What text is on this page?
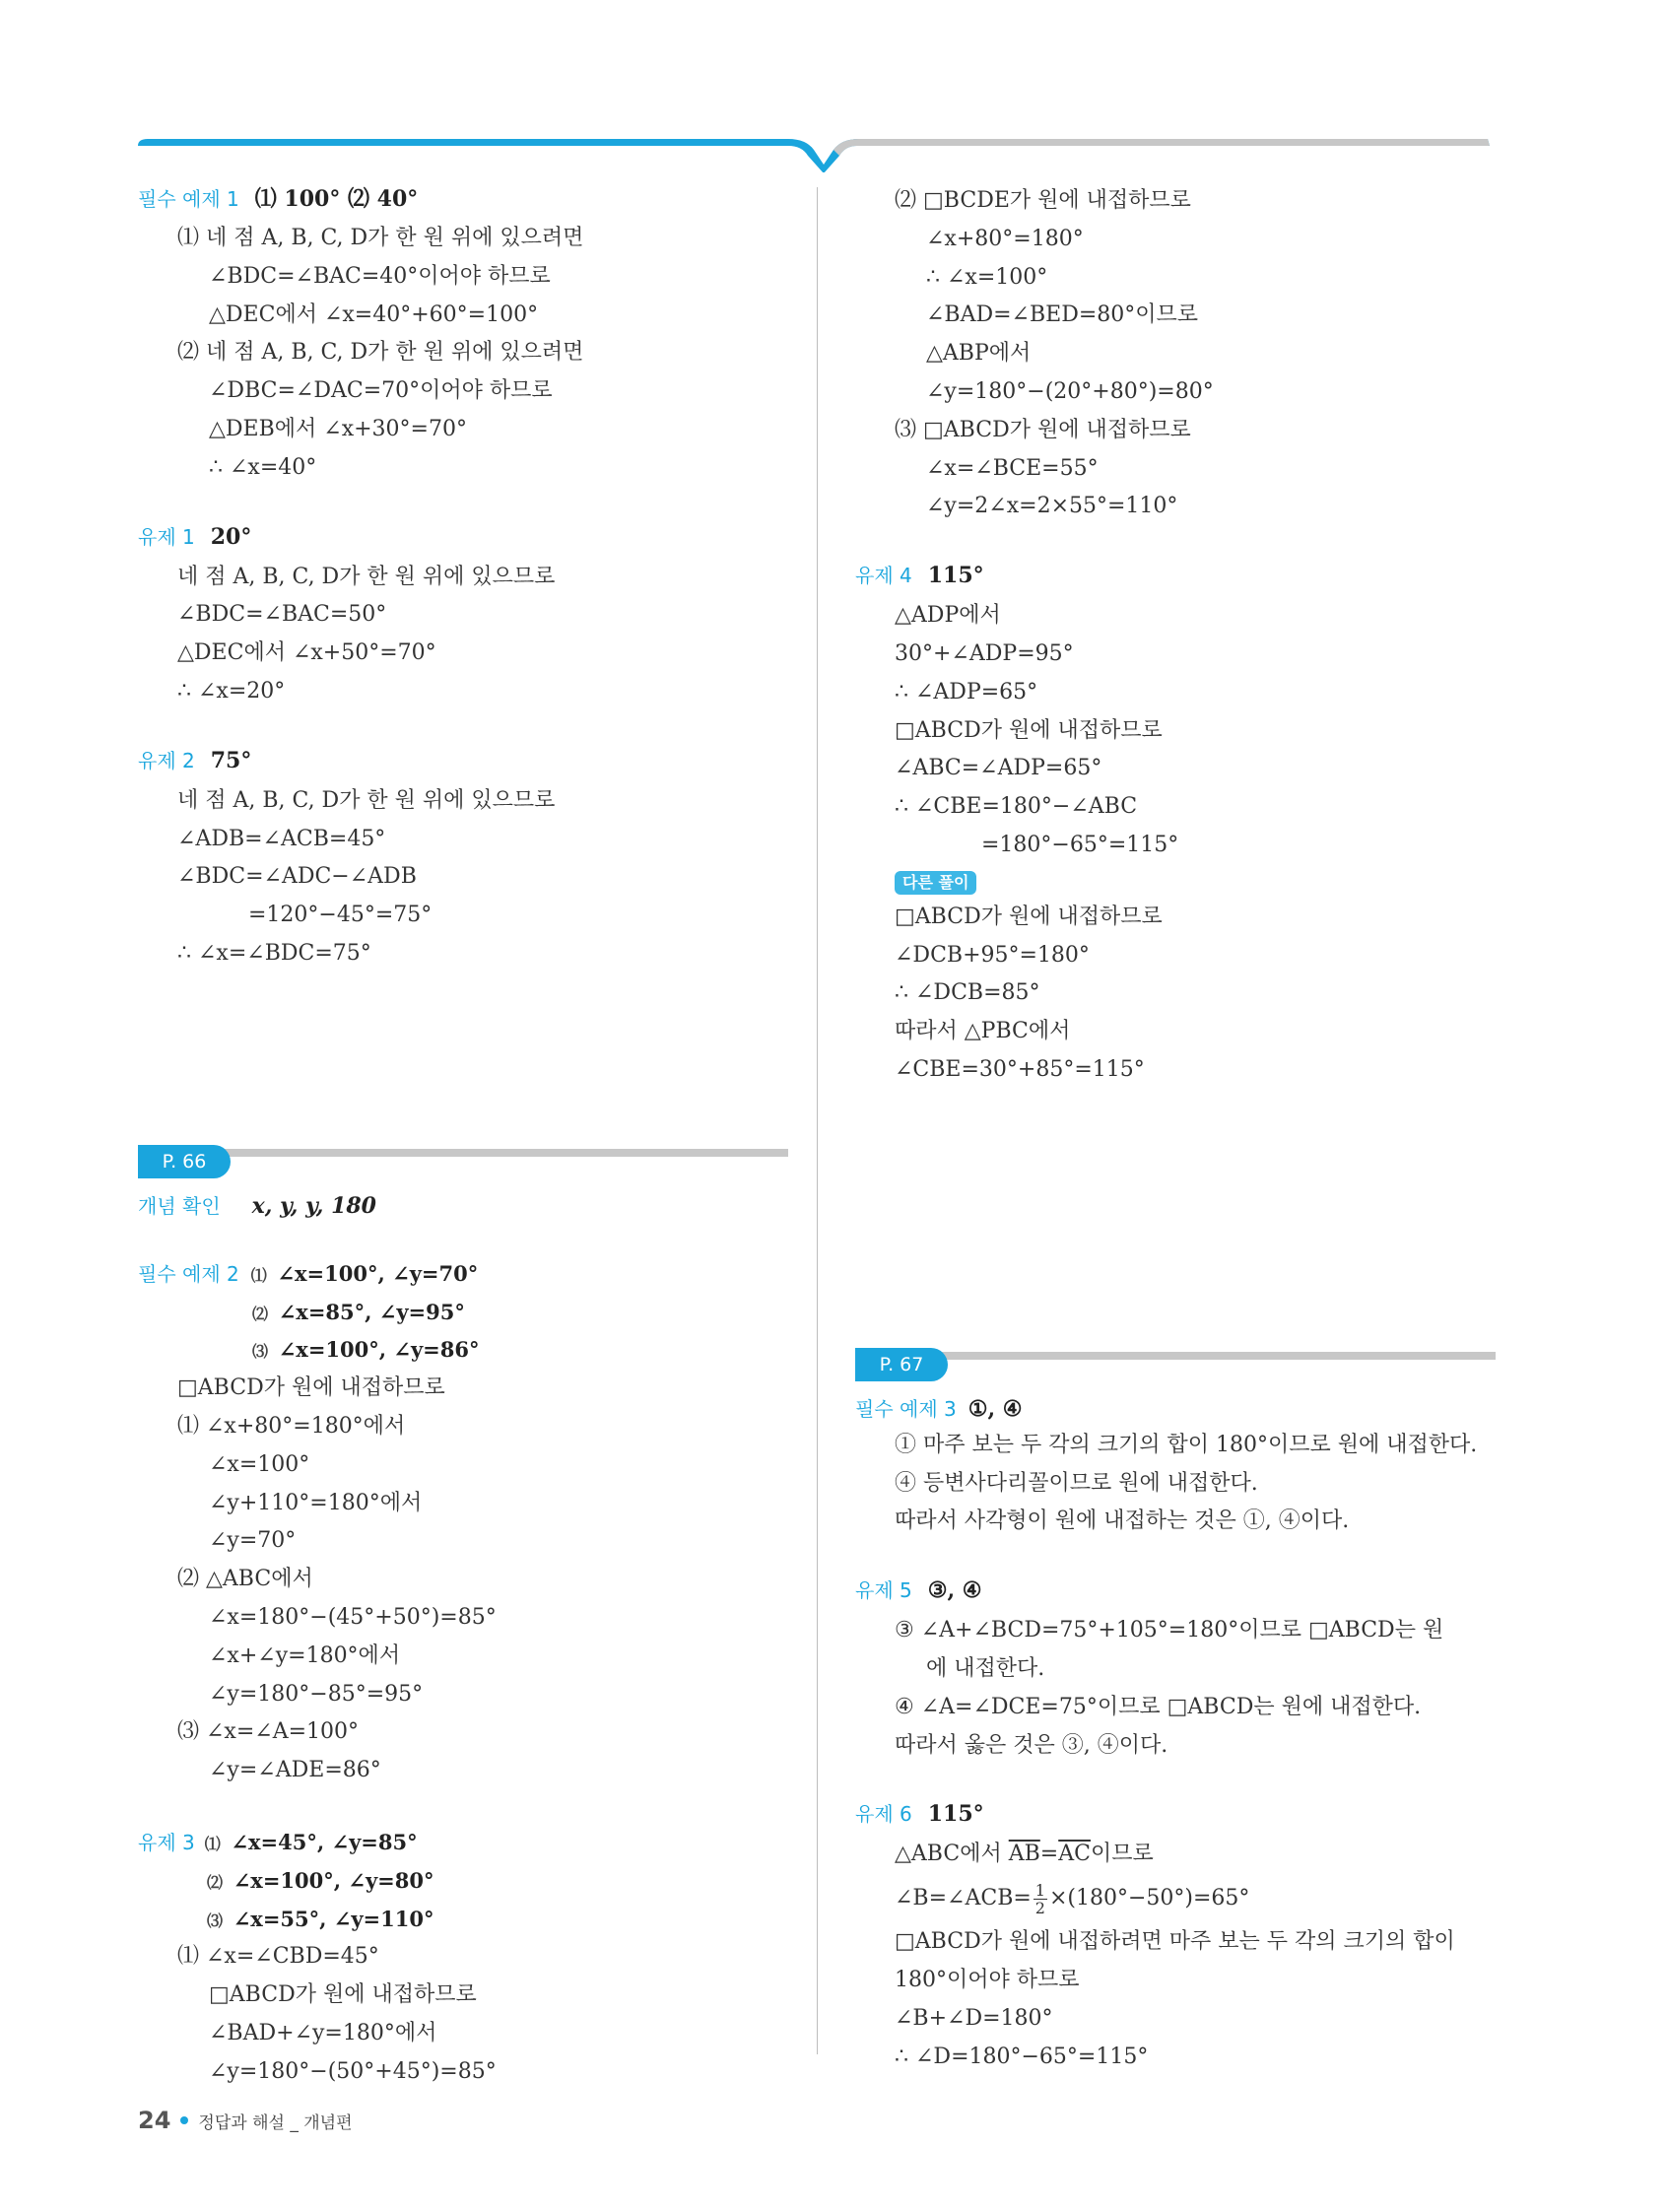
필수 예제 1 ⑴ 100° ⑵ 40°
⑴ 네 점 A, B, C, D가 한 원 위에 있으려면
∠BDC=∠BAC=40°이어야 하므로
△DEC에서 ∠x=40°+60°=100°
⑵ 네 점 A, B, C, D가 한 원 위에 있으려면
∠DBC=∠DAC=70°이어야 하므로
△DEB에서 ∠x+30°=70°
∴ ∠x=40°
유제 1 20°
네 점 A, B, C, D가 한 원 위에 있으므로
∠BDC=∠BAC=50°
△DEC에서 ∠x+50°=70°
∴ ∠x=20°
유제 2 75°
네 점 A, B, C, D가 한 원 위에 있으므로
∠ADB=∠ACB=45°
∠BDC=∠ADC−∠ADB
=120°−45°=75°
∴ ∠x=∠BDC=75°
P. 66
개념 확인 x, y, y, 180
필수 예제 2 ⑴ ∠x=100°, ∠y=70°
⑵ ∠x=85°, ∠y=95°
⑶ ∠x=100°, ∠y=86°
□ABCD가 원에 내접하므로
⑴ ∠x+80°=180°에서
∠x=100°
∠y+110°=180°에서
∠y=70°
⑵ △ABC에서
∠x=180°−(45°+50°)=85°
∠x+∠y=180°에서
∠y=180°−85°=95°
⑶ ∠x=∠A=100°
∠y=∠ADE=86°
유제 3 ⑴ ∠x=45°, ∠y=85°
⑵ ∠x=100°, ∠y=80°
⑶ ∠x=55°, ∠y=110°
⑴ ∠x=∠CBD=45°
□ABCD가 원에 내접하므로
∠BAD+∠y=180°에서
∠y=180°−(50°+45°)=85°
⑵ □BCDE가 원에 내접하므로
∠x+80°=180°
∴ ∠x=100°
∠BAD=∠BED=80°이므로
△ABP에서
∠y=180°−(20°+80°)=80°
⑶ □ABCD가 원에 내접하므로
∠x=∠BCE=55°
∠y=2∠x=2×55°=110°
유제 4 115°
△ADP에서
30°+∠ADP=95°
∴ ∠ADP=65°
□ABCD가 원에 내접하므로
∠ABC=∠ADP=65°
∴ ∠CBE=180°−∠ABC
=180°−65°=115°
다른 풀이
□ABCD가 원에 내접하므로
∠DCB+95°=180°
∴ ∠DCB=85°
따라서 △PBC에서
∠CBE=30°+85°=115°
P. 67
필수 예제 3 ①, ④
① 마주 보는 두 각의 크기의 합이 180°이므로 원에 내접한다.
④ 등변사다리꼴이므로 원에 내접한다.
따라서 사각형이 원에 내접하는 것은 ①, ④이다.
유제 5 ③, ④
③ ∠A+∠BCD=75°+105°=180°이므로 □ABCD는 원
에 내접한다.
④ ∠A=∠DCE=75°이므로 □ABCD는 원에 내접한다.
따라서 옳은 것은 ③, ④이다.
유제 6 115°
△ABC에서 $\overline{AB}=\overline{AC}$이므로
∠B=∠ACB= $\frac{1}{2} \times(180^\circ-50^\circ)=65^\circ$
□ABCD가 원에 내접하려면 마주 보는 두 각의 크기의 합이
180°이어야 하므로
∠B+∠D=180°
∴ ∠D=180°−65°=115°
24 정답과 해설 _ 개념편
